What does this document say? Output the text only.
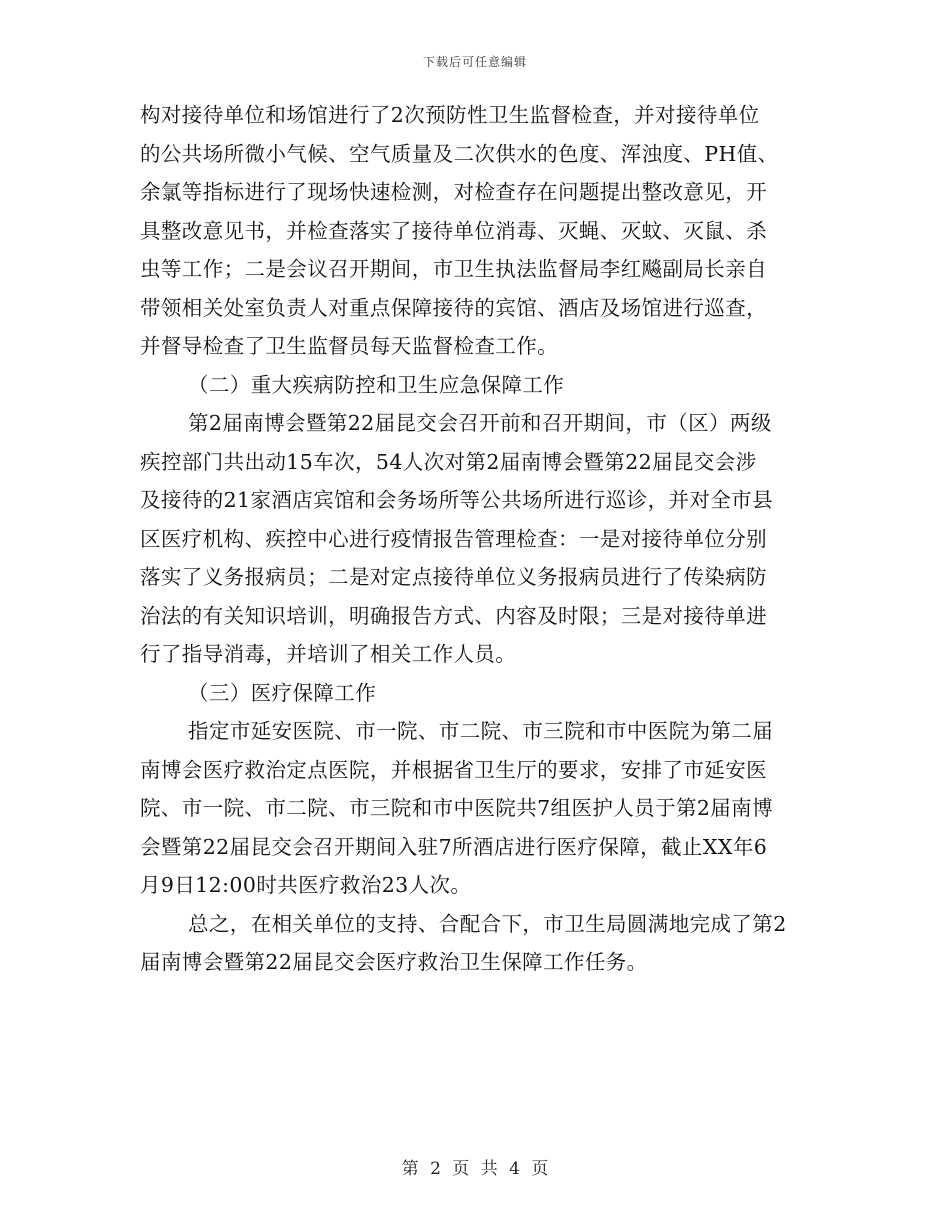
下载后可任意编辑
构对接待单位和场馆进行了2次预防性卫生监督检查，并对接待单位
的公共场所微小气候、空气质量及二次供水的色度、浑浊度、PH值、
余氯等指标进行了现场快速检测，对检查存在问题提出整改意见，开
具整改意见书，并检查落实了接待单位消毒、灭蝇、灭蚊、灭鼠、杀
虫等工作；二是会议召开期间，市卫生执法监督局李红飚副局长亲自
带领相关处室负责人对重点保障接待的宾馆、酒店及场馆进行巡查，
并督导检查了卫生监督员每天监督检查工作。
（二）重大疾病防控和卫生应急保障工作
第2届南博会暨第22届昆交会召开前和召开期间，市（区）两级
疾控部门共出动15车次，54人次对第2届南博会暨第22届昆交会涉
及接待的21家酒店宾馆和会务场所等公共场所进行巡诊，并对全市县
区医疗机构、疾控中心进行疫情报告管理检查：一是对接待单位分别
落实了义务报病员；二是对定点接待单位义务报病员进行了传染病防
治法的有关知识培训，明确报告方式、内容及时限；三是对接待单进
行了指导消毒，并培训了相关工作人员。
（三）医疗保障工作
指定市延安医院、市一院、市二院、市三院和市中医院为第二届
南博会医疗救治定点医院，并根据省卫生厅的要求，安排了市延安医
院、市一院、市二院、市三院和市中医院共7组医护人员于第2届南博
会暨第22届昆交会召开期间入驻7所酒店进行医疗保障，截止XX年6
月9日12:00时共医疗救治23人次。
总之，在相关单位的支持、合配合下，市卫生局圆满地完成了第2
届南博会暨第22届昆交会医疗救治卫生保障工作任务。
第 2 页 共 4 页
